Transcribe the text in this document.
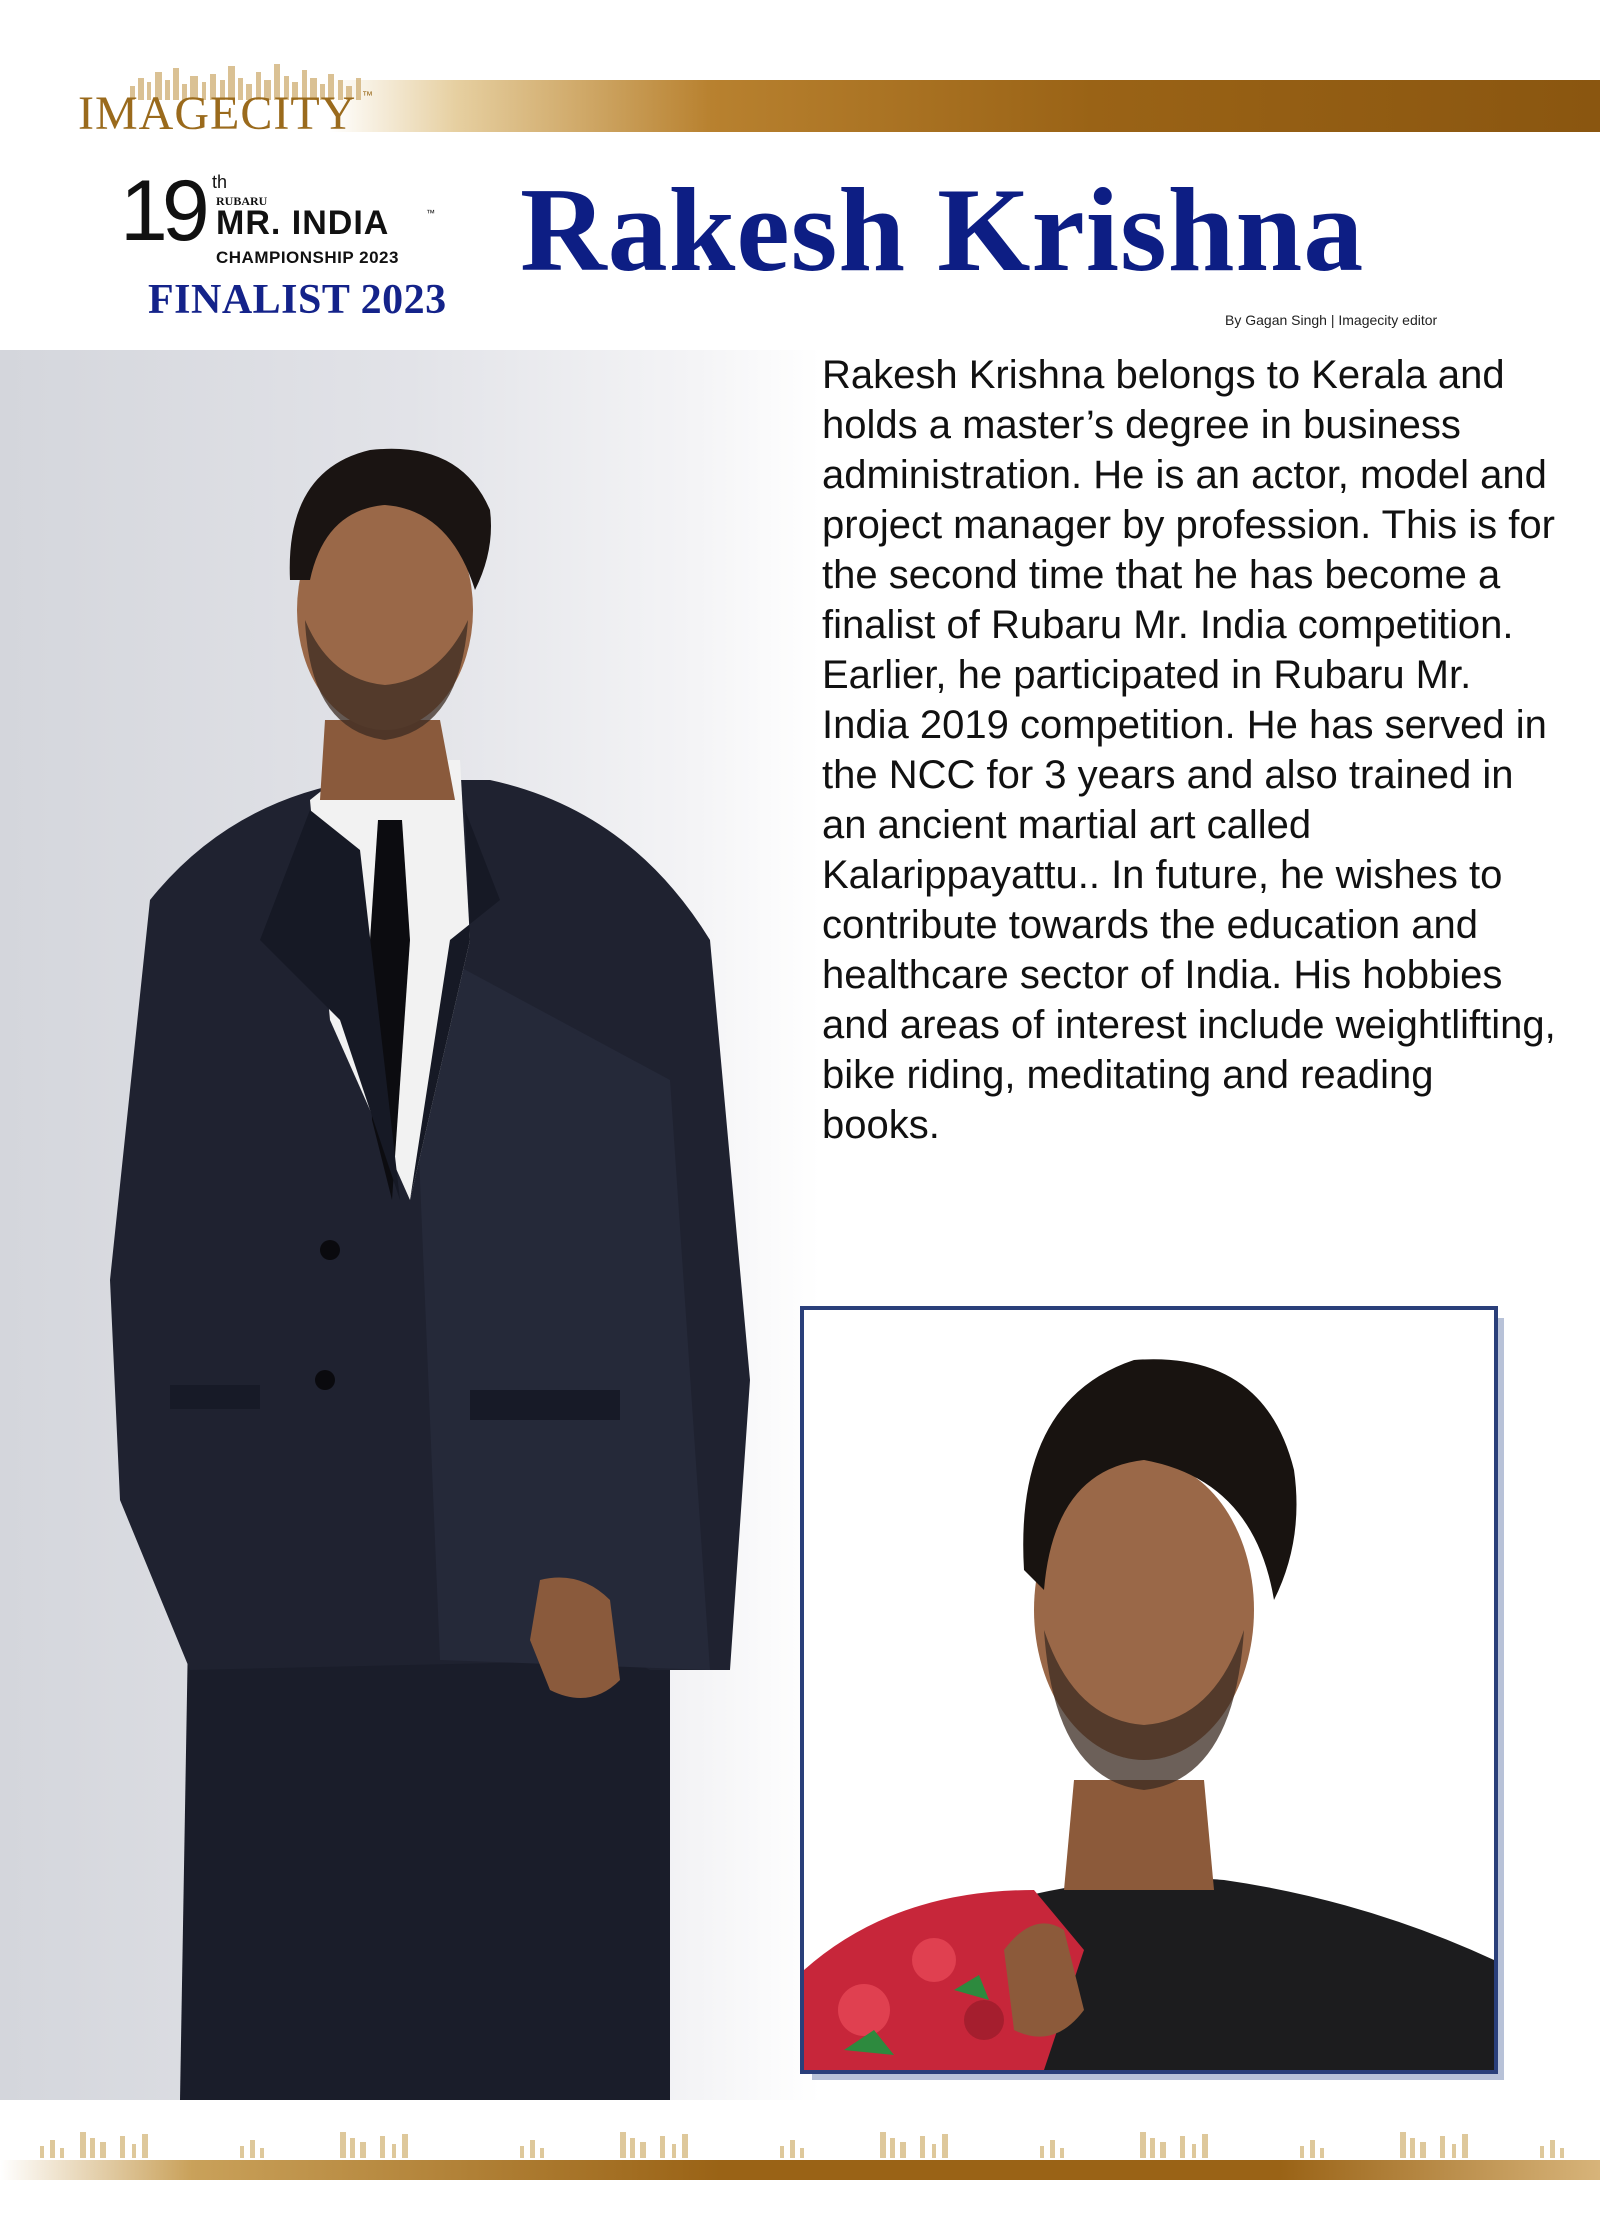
IMAGECITY ™
19 th
RUBARU
MR. INDIA	™
CHAMPIONSHIP 2023
FINALIST 2023
Rakesh Krishna
By Gagan Singh | Imagecity editor

Rakesh Krishna belongs to Kerala and holds a master’s degree in business administration. He is an actor, model and project manager by profession. This is for the second time that he has become a finalist of Rubaru Mr. India competition. Earlier, he participated in Rubaru Mr. India 2019 competition. He has served in the NCC for 3 years and also trained in an ancient martial art called Kalarippayattu.. In future, he wishes to contribute towards the education and healthcare sector of India. His hobbies and areas of interest include weightlifting, bike riding, meditating and reading books.
